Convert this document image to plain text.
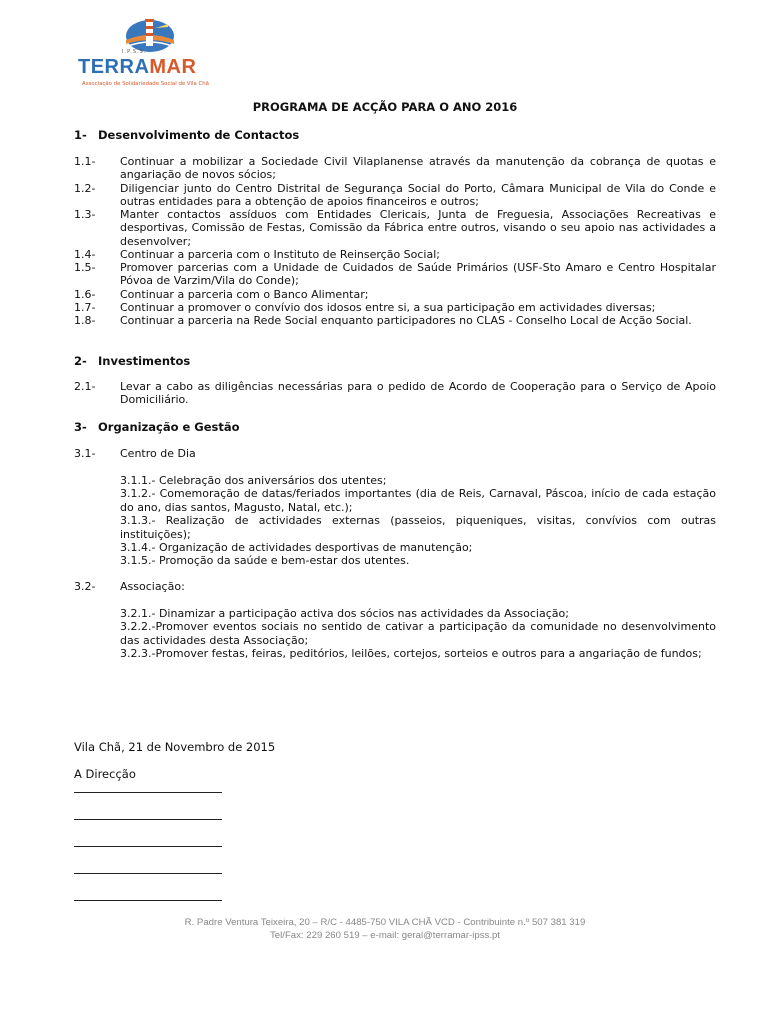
I.P.S.S.
TERRAMAR
Associação de Solidariedade Social de Vila Chã
PROGRAMA DE ACÇÃO PARA O ANO 2016
1- Desenvolvimento de Contactos
1.1-	Continuar a mobilizar a Sociedade Civil Vilaplanense através da manutenção da cobrança de quotas e angariação de novos sócios;
1.2-	Diligenciar junto do Centro Distrital de Segurança Social do Porto, Câmara Municipal de Vila do Conde e outras entidades para a obtenção de apoios financeiros e outros;
1.3-	Manter contactos assíduos com Entidades Clericais, Junta de Freguesia, Associações Recreativas e desportivas, Comissão de Festas, Comissão da Fábrica entre outros, visando o seu apoio nas actividades a desenvolver;
1.4-	Continuar a parceria com o Instituto de Reinserção Social;
1.5-	Promover parcerias com a Unidade de Cuidados de Saúde Primários (USF-Sto Amaro e Centro Hospitalar Póvoa de Varzim/Vila do Conde);
1.6-	Continuar a parceria com o Banco Alimentar;
1.7-	Continuar a promover o convívio dos idosos entre si, a sua participação em actividades diversas;
1.8-	Continuar a parceria na Rede Social enquanto participadores no CLAS - Conselho Local de Acção Social.
2- Investimentos
2.1-	Levar a cabo as diligências necessárias para o pedido de Acordo de Cooperação para o Serviço de Apoio Domiciliário.
3- Organização e Gestão
3.1-	Centro de Dia
3.1.1.- Celebração dos aniversários dos utentes;
3.1.2.- Comemoração de datas/feriados importantes (dia de Reis, Carnaval, Páscoa, início de cada estação do ano, dias santos, Magusto, Natal, etc.);
3.1.3.- Realização de actividades externas (passeios, piqueniques, visitas, convívios com outras instituições);
3.1.4.- Organização de actividades desportivas de manutenção;
3.1.5.- Promoção da saúde e bem-estar dos utentes.
3.2-	Associação:
3.2.1.- Dinamizar a participação activa dos sócios nas actividades da Associação;
3.2.2.-Promover eventos sociais no sentido de cativar a participação da comunidade no desenvolvimento das actividades desta Associação;
3.2.3.-Promover festas, feiras, peditórios, leilões, cortejos, sorteios e outros para a angariação de fundos;
Vila Chã, 21 de Novembro de 2015
A Direcção
R. Padre Ventura Teixeira, 20 – R/C - 4485-750 VILA CHÃ VCD - Contribuinte n.º 507 381 319
Tel/Fax: 229 260 519 – e-mail: geral@terramar-ipss.pt
